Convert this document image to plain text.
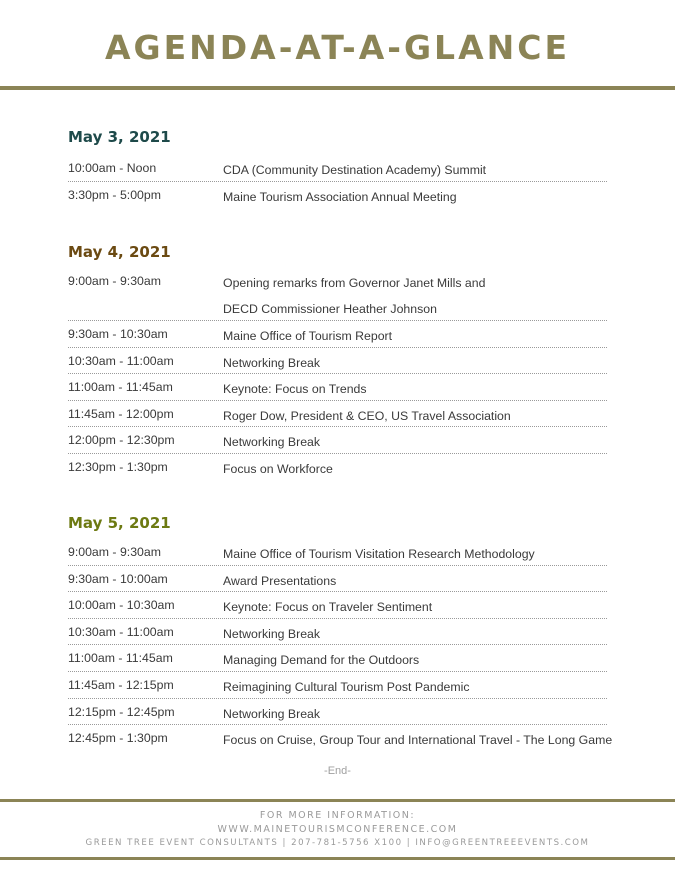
AGENDA-AT-A-GLANCE
May 3, 2021
10:00am - Noon	CDA (Community Destination Academy) Summit
3:30pm - 5:00pm	Maine Tourism Association Annual Meeting
May 4, 2021
9:00am - 9:30am	Opening remarks from Governor Janet Mills and
DECD Commissioner Heather Johnson
9:30am - 10:30am	Maine Office of Tourism Report
10:30am - 11:00am	Networking Break
11:00am - 11:45am	Keynote: Focus on Trends
11:45am - 12:00pm	Roger Dow, President & CEO, US Travel Association
12:00pm - 12:30pm	Networking Break
12:30pm - 1:30pm	Focus on Workforce
May 5, 2021
9:00am - 9:30am	Maine Office of Tourism Visitation Research Methodology
9:30am - 10:00am	Award Presentations
10:00am - 10:30am	Keynote: Focus on Traveler Sentiment
10:30am - 11:00am	Networking Break
11:00am - 11:45am	Managing Demand for the Outdoors
11:45am - 12:15pm	Reimagining Cultural Tourism Post Pandemic
12:15pm - 12:45pm	Networking Break
12:45pm - 1:30pm	Focus on Cruise, Group Tour and International Travel - The Long Game
-End-
FOR MORE INFORMATION:
WWW.MAINETOURISMCONFERENCE.COM
GREEN TREE EVENT CONSULTANTS | 207-781-5756 X100 | INFO@GREENTREEEVENTS.COM
